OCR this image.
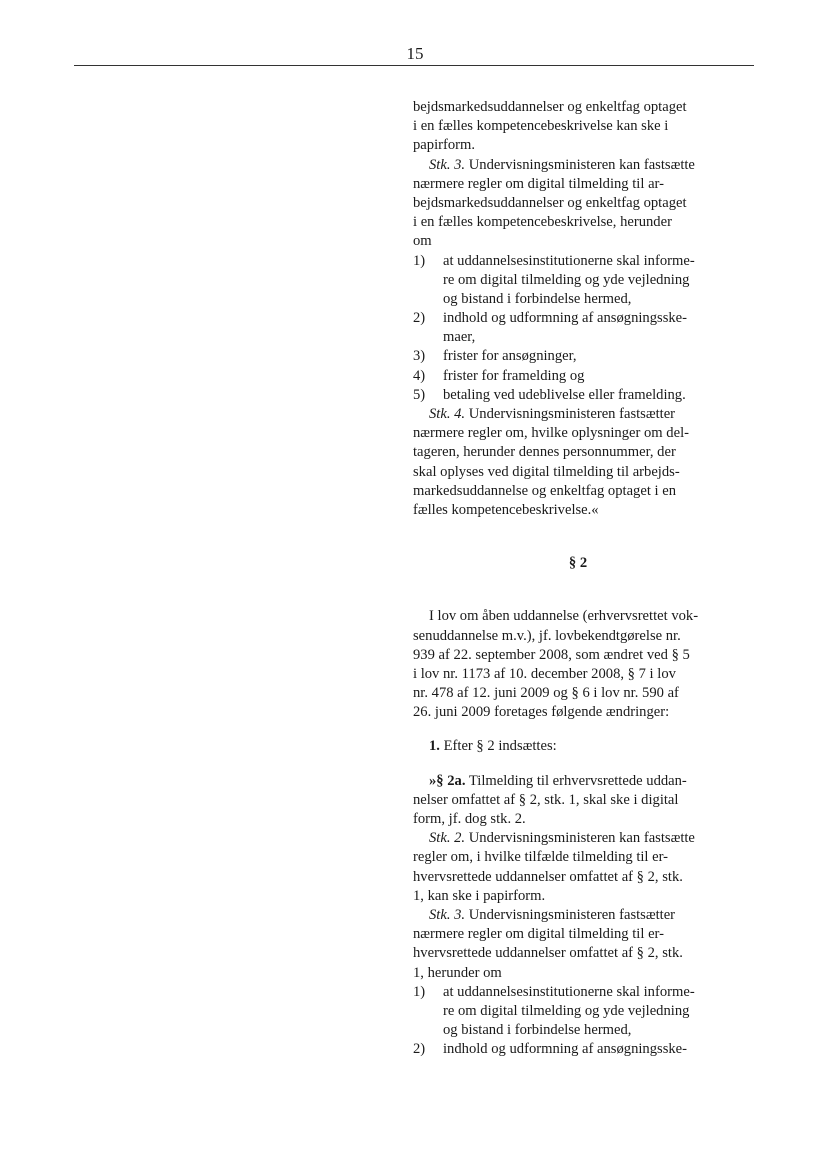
15
bejdsmarkedsuddannelser og enkeltfag optaget
i en fælles kompetencebeskrivelse kan ske i
papirform.
Stk. 3. Undervisningsministeren kan fastsætte
nærmere regler om digital tilmelding til ar-
bejdsmarkedsuddannelser og enkeltfag optaget
i en fælles kompetencebeskrivelse, herunder
om
1) at uddannelsesinstitutionerne skal informe-
re om digital tilmelding og yde vejledning
og bistand i forbindelse hermed,
2) indhold og udformning af ansøgningsske-
maer,
3) frister for ansøgninger,
4) frister for framelding og
5) betaling ved udeblivelse eller framelding.
Stk. 4. Undervisningsministeren fastsætter
nærmere regler om, hvilke oplysninger om del-
tageren, herunder dennes personnummer, der
skal oplyses ved digital tilmelding til arbejds-
markedsuddannelse og enkeltfag optaget i en
fælles kompetencebeskrivelse.«
§ 2
I lov om åben uddannelse (erhvervsrettet vok-
senuddannelse m.v.), jf. lovbekendtgørelse nr.
939 af 22. september 2008, som ændret ved § 5
i lov nr. 1173 af 10. december 2008, § 7 i lov
nr. 478 af 12. juni 2009 og § 6 i lov nr. 590 af
26. juni 2009 foretages følgende ændringer:
1. Efter § 2 indsættes:
»§ 2a. Tilmelding til erhvervsrettede uddan-
nelser omfattet af § 2, stk. 1, skal ske i digital
form, jf. dog stk. 2.
Stk. 2. Undervisningsministeren kan fastsætte
regler om, i hvilke tilfælde tilmelding til er-
hvervsrettede uddannelser omfattet af § 2, stk.
1, kan ske i papirform.
Stk. 3. Undervisningsministeren fastsætter
nærmere regler om digital tilmelding til er-
hvervsrettede uddannelser omfattet af § 2, stk.
1, herunder om
1) at uddannelsesinstitutionerne skal informe-
re om digital tilmelding og yde vejledning
og bistand i forbindelse hermed,
2) indhold og udformning af ansøgningsske-
